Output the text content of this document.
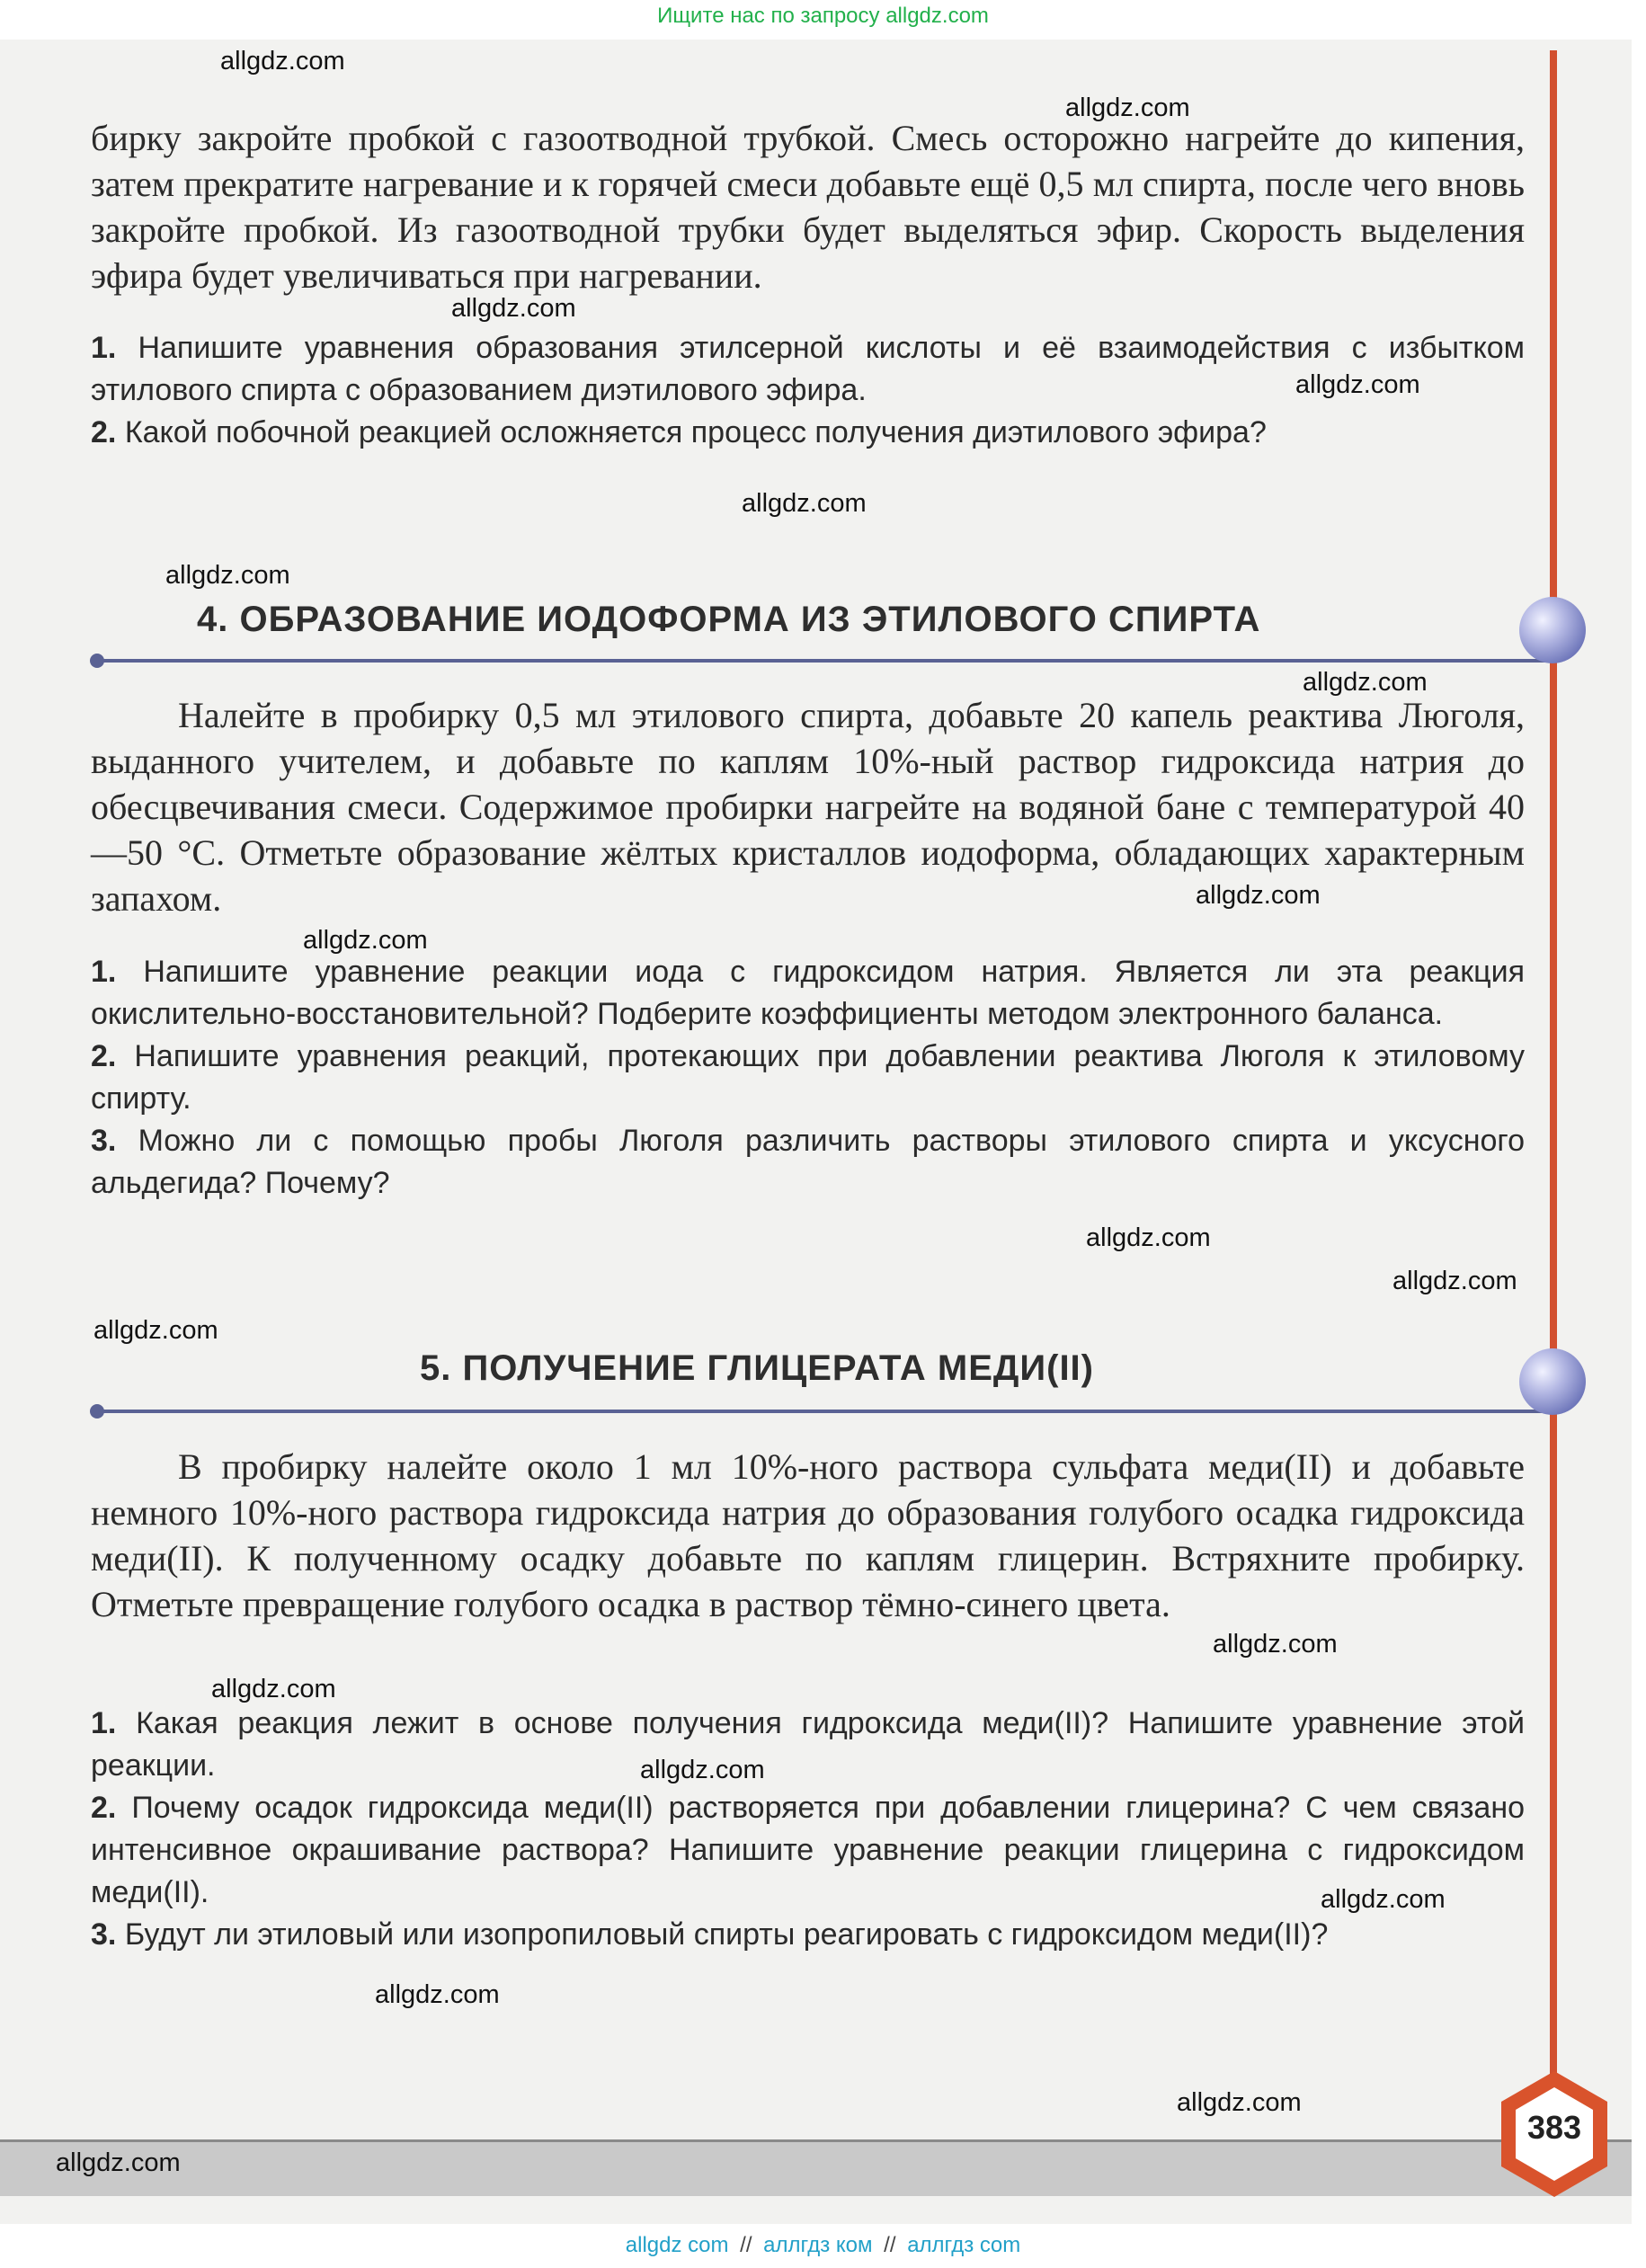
Ищите нас по запросу allgdz.com

бирку закройте пробкой с газоотводной трубкой. Смесь осторожно нагрейте до кипения, затем прекратите нагревание и к горячей смеси добавьте ещё 0,5 мл спирта, после чего вновь закройте пробкой. Из газоотводной трубки будет выделяться эфир. Скорость выделения эфира будет увеличиваться при нагревании.

1. Напишите уравнения образования этилсерной кислоты и её взаимодействия с избытком этилового спирта с образованием диэтилового эфира.

2. Какой побочной реакцией осложняется процесс получения диэтилового эфира?

4. ОБРАЗОВАНИЕ ИОДОФОРМА ИЗ ЭТИЛОВОГО СПИРТА

Налейте в пробирку 0,5 мл этилового спирта, добавьте 20 капель реактива Люголя, выданного учителем, и добавьте по каплям 10%-ный раствор гидроксида натрия до обесцвечивания смеси. Содержимое пробирки нагрейте на водяной бане с температурой 40—50 °С. Отметьте образование жёлтых кристаллов иодоформа, обладающих характерным запахом.

1. Напишите уравнение реакции иода с гидроксидом натрия. Является ли эта реакция окислительно-восстановительной? Подберите коэффициенты методом электронного баланса.

2. Напишите уравнения реакций, протекающих при добавлении реактива Люголя к этиловому спирту.

3. Можно ли с помощью пробы Люголя различить растворы этилового спирта и уксусного альдегида? Почему?

5. ПОЛУЧЕНИЕ ГЛИЦЕРАТА МЕДИ(II)

В пробирку налейте около 1 мл 10%-ного раствора сульфата меди(II) и добавьте немного 10%-ного раствора гидроксида натрия до образования голубого осадка гидроксида меди(II). К полученному осадку добавьте по каплям глицерин. Встряхните пробирку. Отметьте превращение голубого осадка в раствор тёмно-синего цвета.

1. Какая реакция лежит в основе получения гидроксида меди(II)? Напишите уравнение этой реакции.

2. Почему осадок гидроксида меди(II) растворяется при добавлении глицерина? С чем связано интенсивное окрашивание раствора? Напишите уравнение реакции глицерина с гидроксидом меди(II).

3. Будут ли этиловый или изопропиловый спирты реагировать с гидроксидом меди(II)?

383
allgdz.com
allgdz.com
allgdz.com
allgdz.com
allgdz.com
allgdz.com
allgdz.com
allgdz.com
allgdz.com
allgdz.com
allgdz.com
allgdz.com
allgdz.com
allgdz.com
allgdz.com
allgdz.com
allgdz.com
allgdz.com
allgdz.com
allgdz com // аллгдз ком // аллгдз com
